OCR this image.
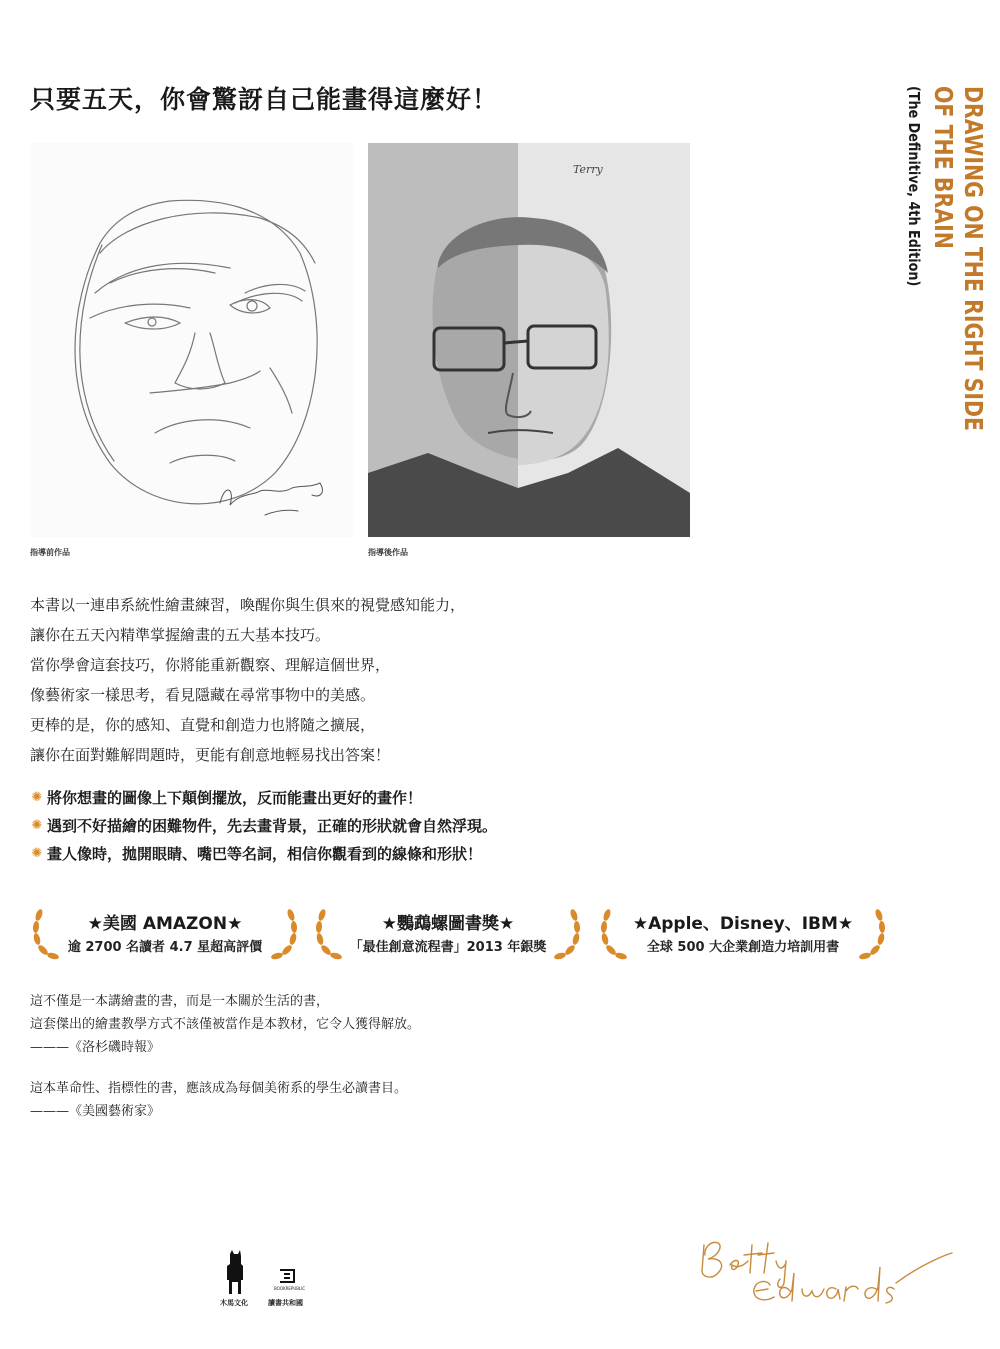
只要五天，你會驚訝自己能畫得這麼好！	DRAWING ON THE RIGHT SIDE
OF THE BRAIN
(The Definitive, 4th Edition)
指導前作品
Terry
指導後作品
本書以一連串系統性繪畫練習，喚醒你與生俱來的視覺感知能力，
讓你在五天內精準掌握繪畫的五大基本技巧。
當你學會這套技巧，你將能重新觀察、理解這個世界，
像藝術家一樣思考，看見隱藏在尋常事物中的美感。
更棒的是，你的感知、直覺和創造力也將隨之擴展，
讓你在面對難解問題時，更能有創意地輕易找出答案！
✺ 將你想畫的圖像上下顛倒擺放，反而能畫出更好的畫作！
✺ 遇到不好描繪的困難物件，先去畫背景，正確的形狀就會自然浮現。
✺ 畫人像時，拋開眼睛、嘴巴等名詞，相信你觀看到的線條和形狀！
★美國 AMAZON★
逾 2700 名讀者 4.7 星超高評價
★鸚鵡螺圖書獎★
「最佳創意流程書」2013 年銀獎
★Apple、Disney、IBM★
全球 500 大企業創造力培訓用書
這不僅是一本講繪畫的書，而是一本關於生活的書，
這套傑出的繪畫教學方式不該僅被當作是本教材，它令人獲得解放。
———《洛杉磯時報》
這本革命性、指標性的書，應該成為每個美術系的學生必讀書目。
———《美國藝術家》
木馬文化
BOOKREPUBLIC
讀書共和國
